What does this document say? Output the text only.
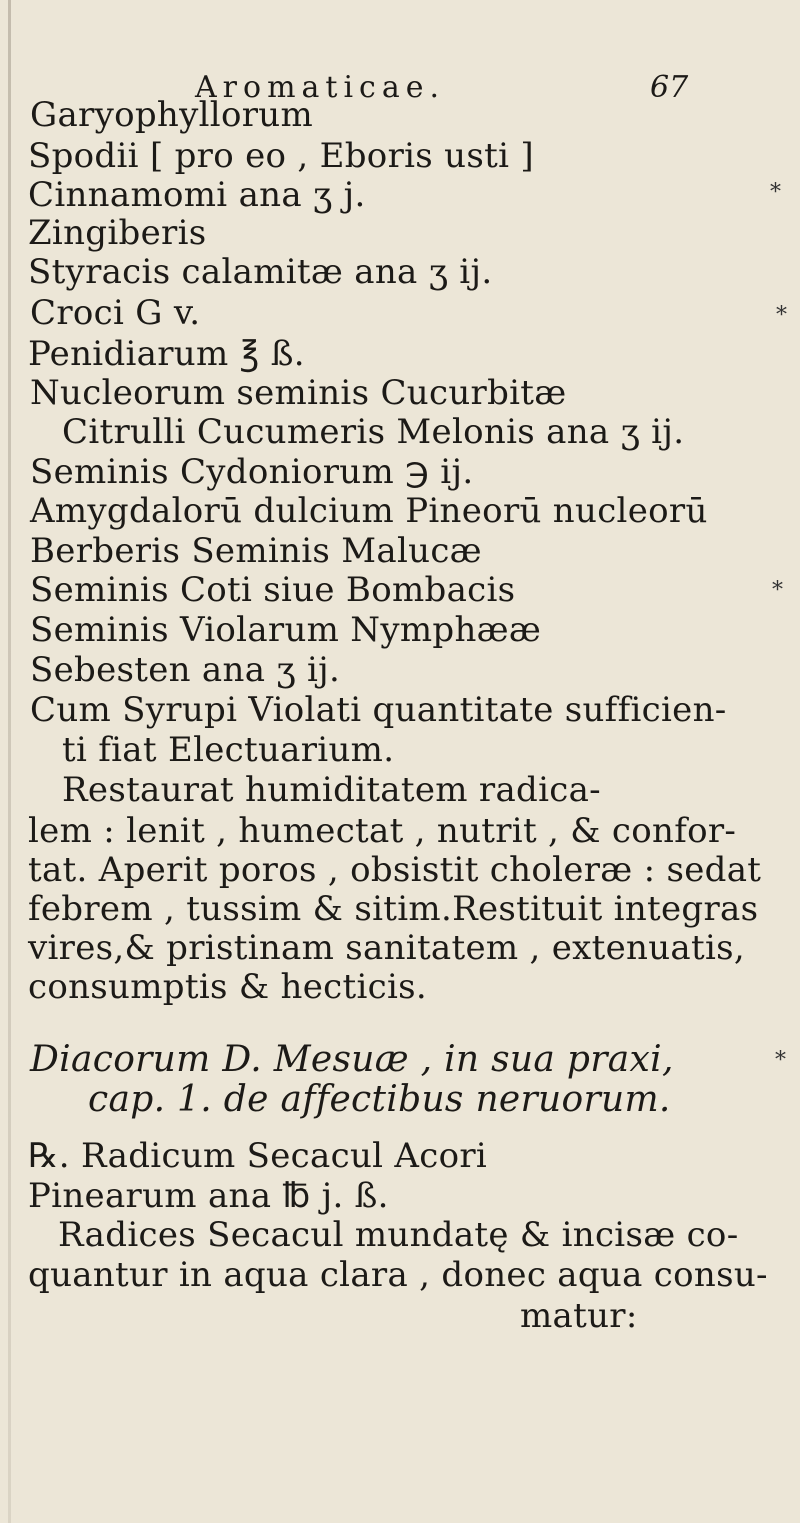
Aromaticae.	67
Garyophyllorum
Spodii [ pro eo , Eboris usti ]
Cinnamomi ana ʒ j.
Zingiberis
Styracis calamitæ ana ʒ ij.
Croci G v.
Penidiarum ℥ ß.
Nucleorum seminis Cucurbitæ
Citrulli Cucumeris Melonis ana ʒ ij.
Seminis Cydoniorum ℈ ij.
Amygdalorū dulcium Pineorū nucleorū
Berberis Seminis Malucæ
Seminis Coti siue Bombacis
Seminis Violarum Nymphææ
Sebesten ana ʒ ij.
Cum Syrupi Violati quantitate sufficien-
ti fiat Electuarium.
Restaurat humiditatem radica-
lem : lenit , humectat , nutrit , & confor-
tat. Aperit poros , obsistit choleræ : sedat
febrem , tussim & sitim.Restituit integras
vires,& pristinam sanitatem , extenuatis,
consumptis & hecticis.
Diacorum D. Mesuæ , in sua praxi,
cap. 1. de affectibus neruorum.
℞. Radicum Secacul Acori
Pinearum ana ℔ j. ß.
Radices Secacul mundatę & incisæ co-
quantur in aqua clara , donec aqua consu-
matur:
*
*
*
*
